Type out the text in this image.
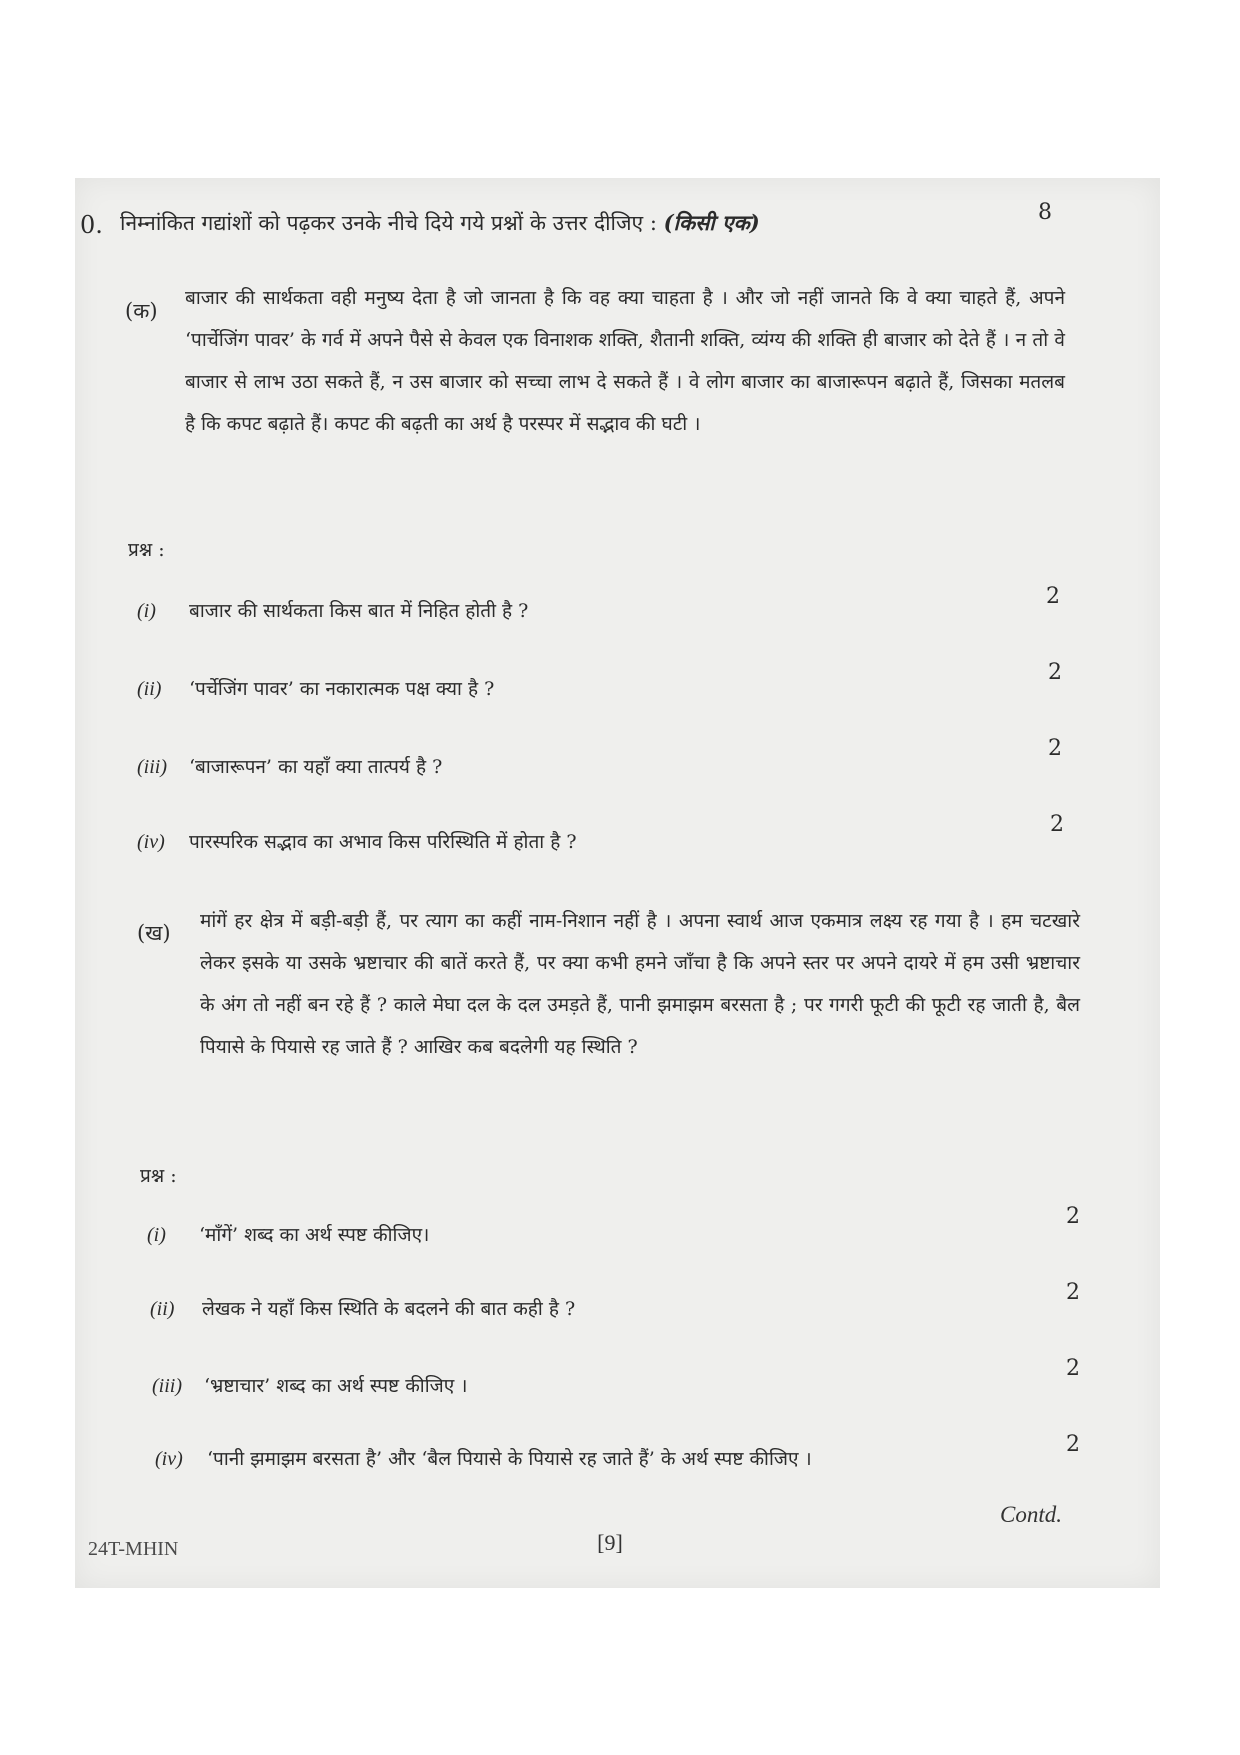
0. निम्नांकित गद्यांशों को पढ़कर उनके नीचे दिये गये प्रश्नों के उत्तर दीजिए : (किसी एक)	8
(क)
बाजार की सार्थकता वही मनुष्य देता है जो जानता है कि वह क्या चाहता है । और जो नहीं जानते कि वे क्या चाहते हैं, अपने ‘पार्चेजिंग पावर’ के गर्व में अपने पैसे से केवल एक विनाशक शक्ति, शैतानी शक्ति, व्यंग्य की शक्ति ही बाजार को देते हैं । न तो वे बाजार से लाभ उठा सकते हैं, न उस बाजार को सच्चा लाभ दे सकते हैं । वे लोग बाजार का बाजारूपन बढ़ाते हैं, जिसका मतलब है कि कपट बढ़ाते हैं। कपट की बढ़ती का अर्थ है परस्पर में सद्भाव की घटी ।
प्रश्न :
(i) बाजार की सार्थकता किस बात में निहित होती है ?
2
(ii) ‘पर्चेजिंग पावर’ का नकारात्मक पक्ष क्या है ?
2
(iii) ‘बाजारूपन’ का यहाँ क्या तात्पर्य है ?
2
(iv) पारस्परिक सद्भाव का अभाव किस परिस्थिति में होता है ?
2
(ख) मांगें हर क्षेत्र में बड़ी-बड़ी हैं, पर त्याग का कहीं नाम-निशान नहीं है । अपना स्वार्थ आज एकमात्र लक्ष्य रह गया है । हम चटखारे लेकर इसके या उसके भ्रष्टाचार की बातें करते हैं, पर क्या कभी हमने जाँचा है कि अपने स्तर पर अपने दायरे में हम उसी भ्रष्टाचार के अंग तो नहीं बन रहे हैं ? काले मेघा दल के दल उमड़ते हैं, पानी झमाझम बरसता है ; पर गगरी फूटी की फूटी रह जाती है, बैल पियासे के पियासे रह जाते हैं ? आखिर कब बदलेगी यह स्थिति ?
प्रश्न :
(i) ‘माँगें’ शब्द का अर्थ स्पष्ट कीजिए।
2
(ii) लेखक ने यहाँ किस स्थिति के बदलने की बात कही है ?
2
(iii) ‘भ्रष्टाचार’ शब्द का अर्थ स्पष्ट कीजिए ।
2
(iv) ‘पानी झमाझम बरसता है’ और ‘बैल पियासे के पियासे रह जाते हैं’ के अर्थ स्पष्ट कीजिए ।
2
24T-MHIN	[9]
Contd.
